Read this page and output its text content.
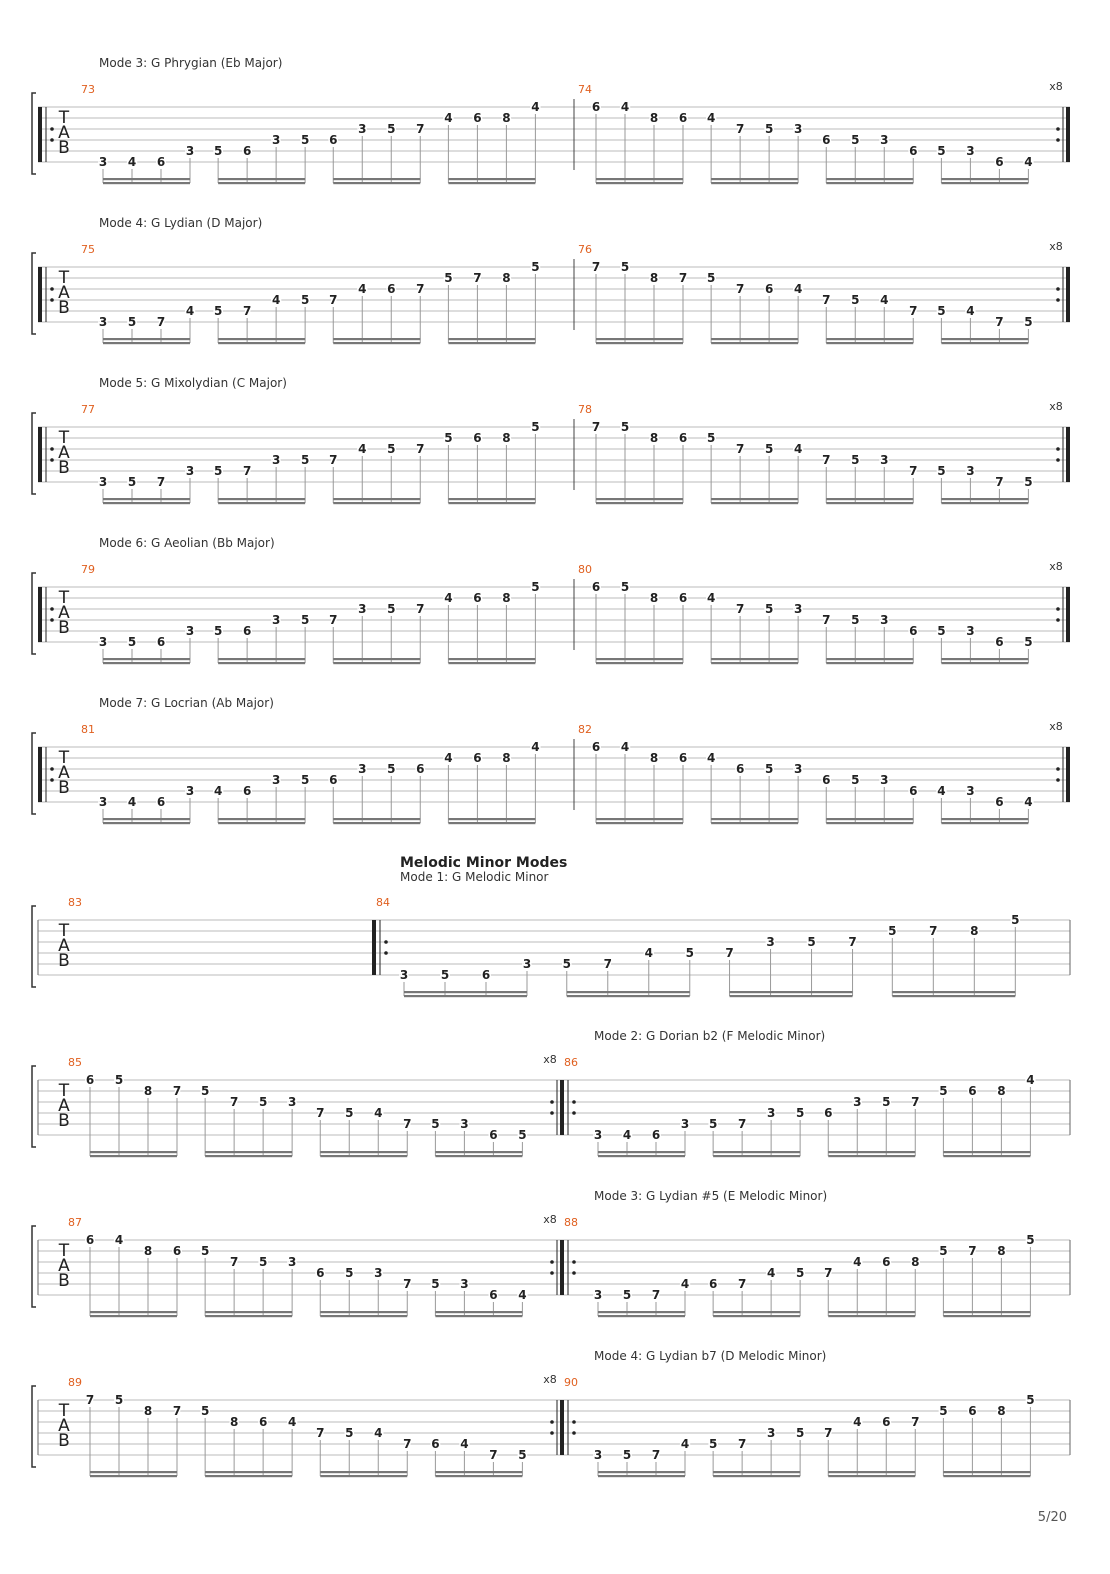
Melodic Minor Modes
Mode 3: G Phrygian (Eb Major)
T
A
B
x8
73	74
3 4 6
3 5 6
3 5 6
3 5 7
4 6 8
4	6 4
8 6 4
7 5 3
6 5 3
6 5 3
6 4
Mode 4: G Lydian (D Major)
T
A
B
x8
75	76
3 5 7
4 5 7
4 5 7
4 6 7
5 7 8
5	7 5
8 7 5
7 6 4
7 5 4
7 5 4
7 5
Mode 5: G Mixolydian (C Major)
T
A
B
x8
77	78
3 5 7
3 5 7
3 5 7
4 5 7
5 6 8
5	7 5
8 6 5
7 5 4
7 5 3
7 5 3
7 5
Mode 6: G Aeolian (Bb Major)
T
A
B
x8
79	80
3 5 6
3 5 6
3 5 7
3 5 7
4 6 8
5	6 5
8 6 4
7 5 3
7 5 3
6 5 3
6 5
Mode 7: G Locrian (Ab Major)
T
A
B
x8
81	82
3 4 6
3 4 6
3 5 6
3 5 6
4 6 8
4	6 4
8 6 4
6 5 3
6 5 3
6 4 3
6 4
Mode 1: G Melodic Minor
T
A
B
83	84
3	5	6
3	5	7
4	5	7
3	5	7
5	7	8
5
Mode 2: G Dorian b2 (F Melodic Minor)
T
A
B
x8
85	86
6 5
8 7 5
7 5 3
7 5 4
7 5 3
6 5	3 4 6
3 5 7
3 5 6
3 5 7
5 6 8
4
Mode 3: G Lydian #5 (E Melodic Minor)
T
A
B
x8
87	88
6 4
8 6 5
7 5 3
6 5 3
7 5 3
6 4	3 5 7
4 6 7
4 5 7
4 6 8
5 7 8
5
Mode 4: G Lydian b7 (D Melodic Minor)
T
A
B
x8
89	90
7 5
8 7 5
8 6 4
7 5 4
7 6 4
7 5	3 5 7
4 5 7
3 5 7
4 6 7
5 6 8
5
5/20
